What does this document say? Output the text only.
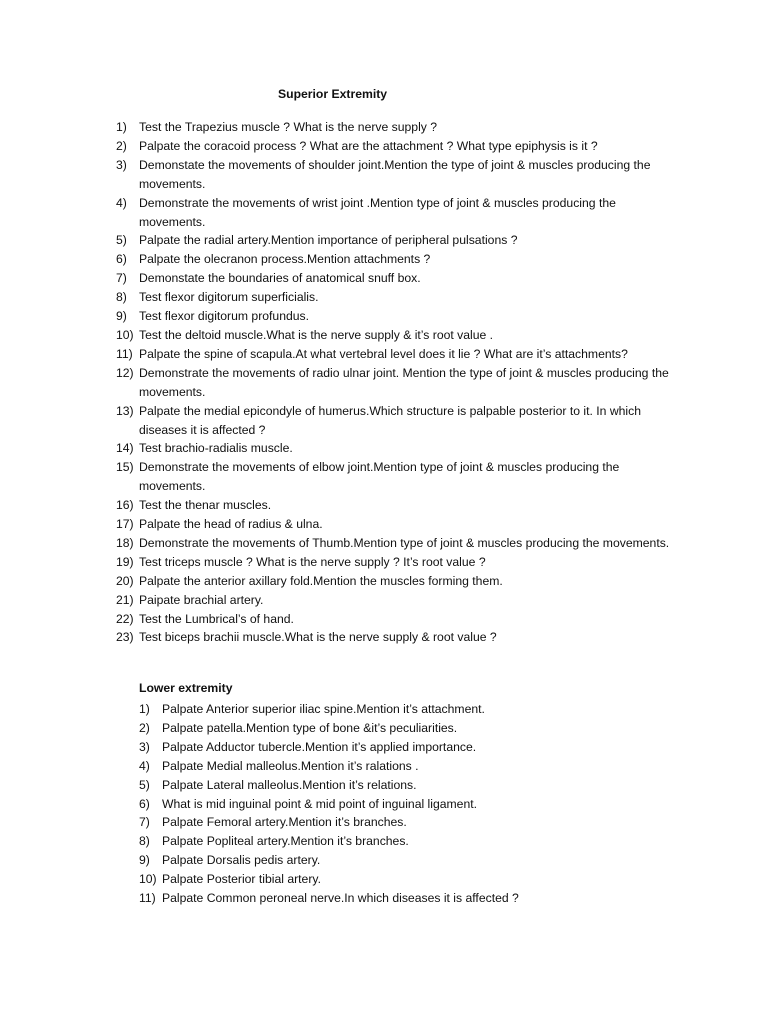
Superior Extremity
1) Test the Trapezius muscle ? What is the nerve supply ?
2) Palpate the coracoid process ? What are the attachment ? What type epiphysis is it ?
3) Demonstate the movements of shoulder joint.Mention the type of joint & muscles producing the movements.
4) Demonstrate the movements of wrist joint .Mention type of joint & muscles producing the movements.
5) Palpate the radial artery.Mention importance of peripheral pulsations ?
6) Palpate the olecranon process.Mention attachments ?
7) Demonstate the boundaries of anatomical snuff box.
8) Test flexor digitorum superficialis.
9) Test flexor digitorum profundus.
10) Test the deltoid muscle.What is the nerve supply & it’s root value .
11) Palpate the spine of scapula.At what vertebral level does it lie ? What are it’s attachments?
12) Demonstrate the movements of radio ulnar joint. Mention the type of joint & muscles producing the movements.
13) Palpate the medial epicondyle of humerus.Which structure is palpable posterior to it. In which diseases it is affected ?
14) Test brachio-radialis muscle.
15) Demonstrate the movements of elbow joint.Mention type of joint & muscles producing the movements.
16) Test the thenar muscles.
17) Palpate the head of radius & ulna.
18) Demonstrate the movements of Thumb.Mention type of joint & muscles producing the movements.
19) Test triceps muscle ? What is the nerve supply ? It’s root value ?
20) Palpate the anterior axillary fold.Mention the muscles forming them.
21) Paipate brachial artery.
22) Test the Lumbrical’s of hand.
23) Test biceps brachii muscle.What is the nerve supply & root value ?
Lower extremity
1) Palpate Anterior superior iliac spine.Mention it’s attachment.
2) Palpate patella.Mention type of bone &it’s peculiarities.
3) Palpate Adductor tubercle.Mention it’s applied importance.
4) Palpate Medial malleolus.Mention it’s ralations .
5) Palpate Lateral malleolus.Mention it’s relations.
6) What is mid inguinal point & mid point of inguinal ligament.
7) Palpate Femoral artery.Mention it’s branches.
8) Palpate Popliteal artery.Mention it’s branches.
9) Palpate Dorsalis pedis artery.
10) Palpate Posterior tibial artery.
11) Palpate Common peroneal nerve.In which diseases it is affected ?
